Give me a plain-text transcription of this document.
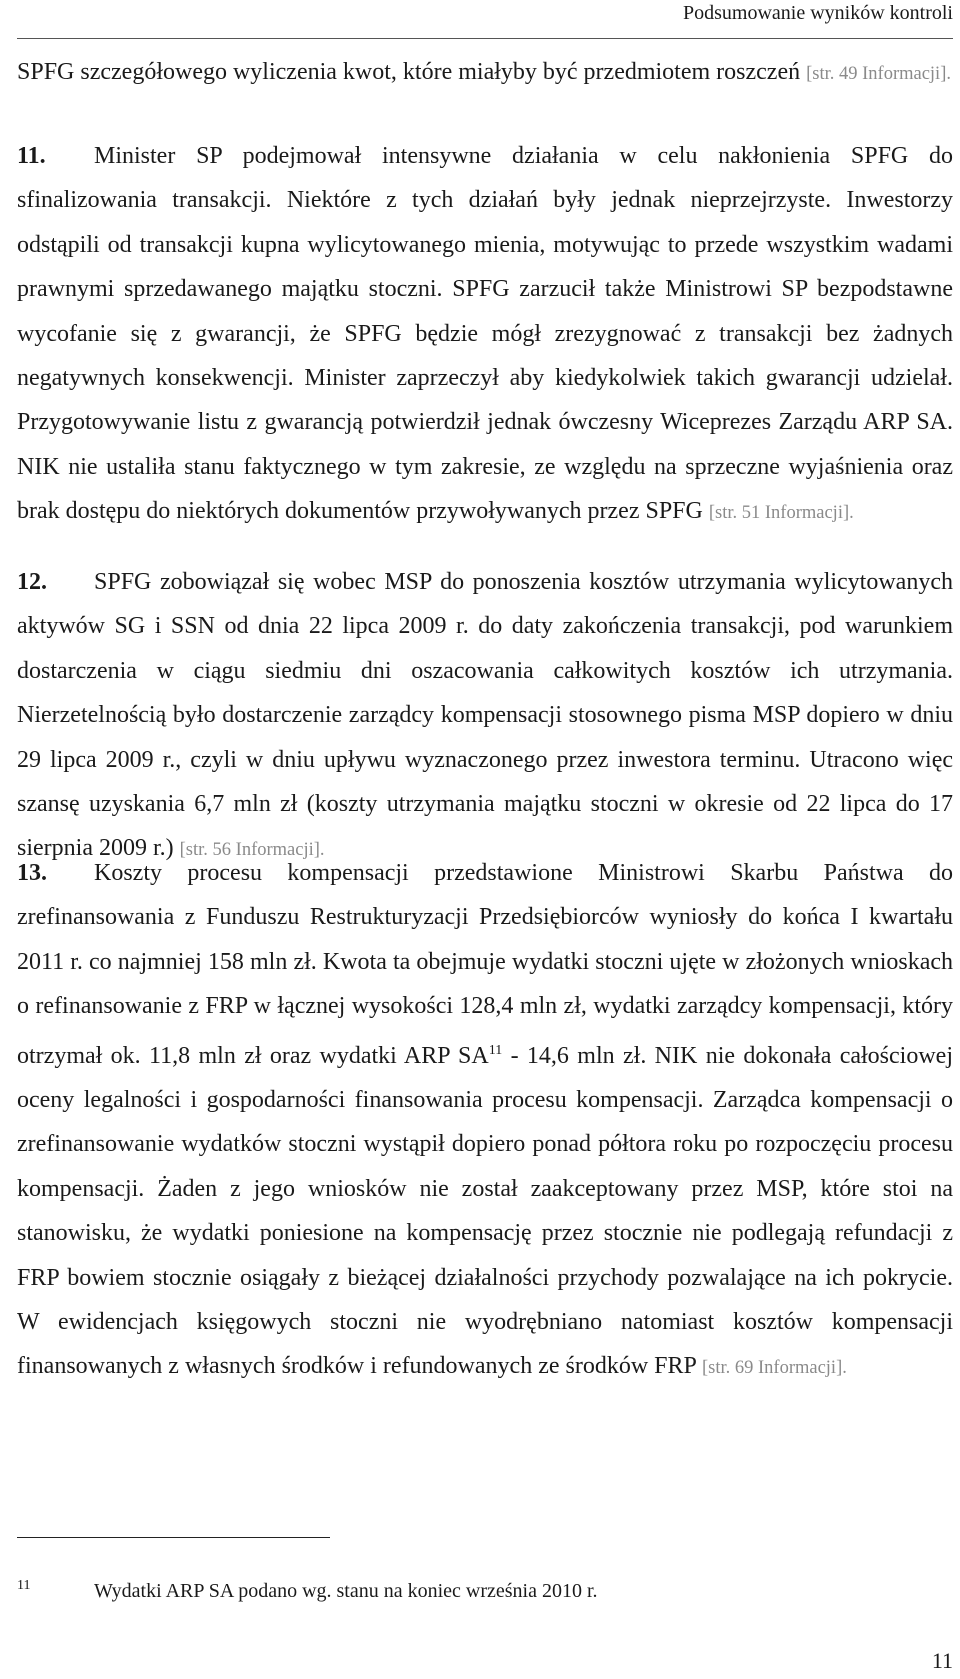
Podsumowanie wyników kontroli

SPFG szczegółowego wyliczenia kwot, które miałyby być przedmiotem roszczeń [str. 49 Informacji].

11. Minister SP podejmował intensywne działania w celu nakłonienia SPFG do sfinalizowania transakcji. Niektóre z tych działań były jednak nieprzejrzyste. Inwestorzy odstąpili od transakcji kupna wylicytowanego mienia, motywując to przede wszystkim wadami prawnymi sprzedawanego majątku stoczni. SPFG zarzucił także Ministrowi SP bezpodstawne wycofanie się z gwarancji, że SPFG będzie mógł zrezygnować z transakcji bez żadnych negatywnych konsekwencji. Minister zaprzeczył aby kiedykolwiek takich gwarancji udzielał. Przygotowywanie listu z gwarancją potwierdził jednak ówczesny Wiceprezes Zarządu ARP SA. NIK nie ustaliła stanu faktycznego w tym zakresie, ze względu na sprzeczne wyjaśnienia oraz brak dostępu do niektórych dokumentów przywoływanych przez SPFG [str. 51 Informacji].

12. SPFG zobowiązał się wobec MSP do ponoszenia kosztów utrzymania wylicytowanych aktywów SG i SSN od dnia 22 lipca 2009 r. do daty zakończenia transakcji, pod warunkiem dostarczenia w ciągu siedmiu dni oszacowania całkowitych kosztów ich utrzymania. Nierzetelnością było dostarczenie zarządcy kompensacji stosownego pisma MSP dopiero w dniu 29 lipca 2009 r., czyli w dniu upływu wyznaczonego przez inwestora terminu. Utracono więc szansę uzyskania 6,7 mln zł (koszty utrzymania majątku stoczni w okresie od 22 lipca do 17 sierpnia 2009 r.) [str. 56 Informacji].

13. Koszty procesu kompensacji przedstawione Ministrowi Skarbu Państwa do zrefinansowania z Funduszu Restrukturyzacji Przedsiębiorców wyniosły do końca I kwartału 2011 r. co najmniej 158 mln zł. Kwota ta obejmuje wydatki stoczni ujęte w złożonych wnioskach o refinansowanie z FRP w łącznej wysokości 128,4 mln zł, wydatki zarządcy kompensacji, który otrzymał ok. 11,8 mln zł oraz wydatki ARP SA$^{11}$ - 14,6 mln zł. NIK nie dokonała całościowej oceny legalności i gospodarności finansowania procesu kompensacji. Zarządca kompensacji o zrefinansowanie wydatków stoczni wystąpił dopiero ponad półtora roku po rozpoczęciu procesu kompensacji. Żaden z jego wniosków nie został zaakceptowany przez MSP, które stoi na stanowisku, że wydatki poniesione na kompensację przez stocznie nie podlegają refundacji z FRP bowiem stocznie osiągały z bieżącej działalności przychody pozwalające na ich pokrycie. W ewidencjach księgowych stoczni nie wyodrębniano natomiast kosztów kompensacji finansowanych z własnych środków i refundowanych ze środków FRP [str. 69 Informacji].

11	Wydatki ARP SA podano wg. stanu na koniec września 2010 r.
11
